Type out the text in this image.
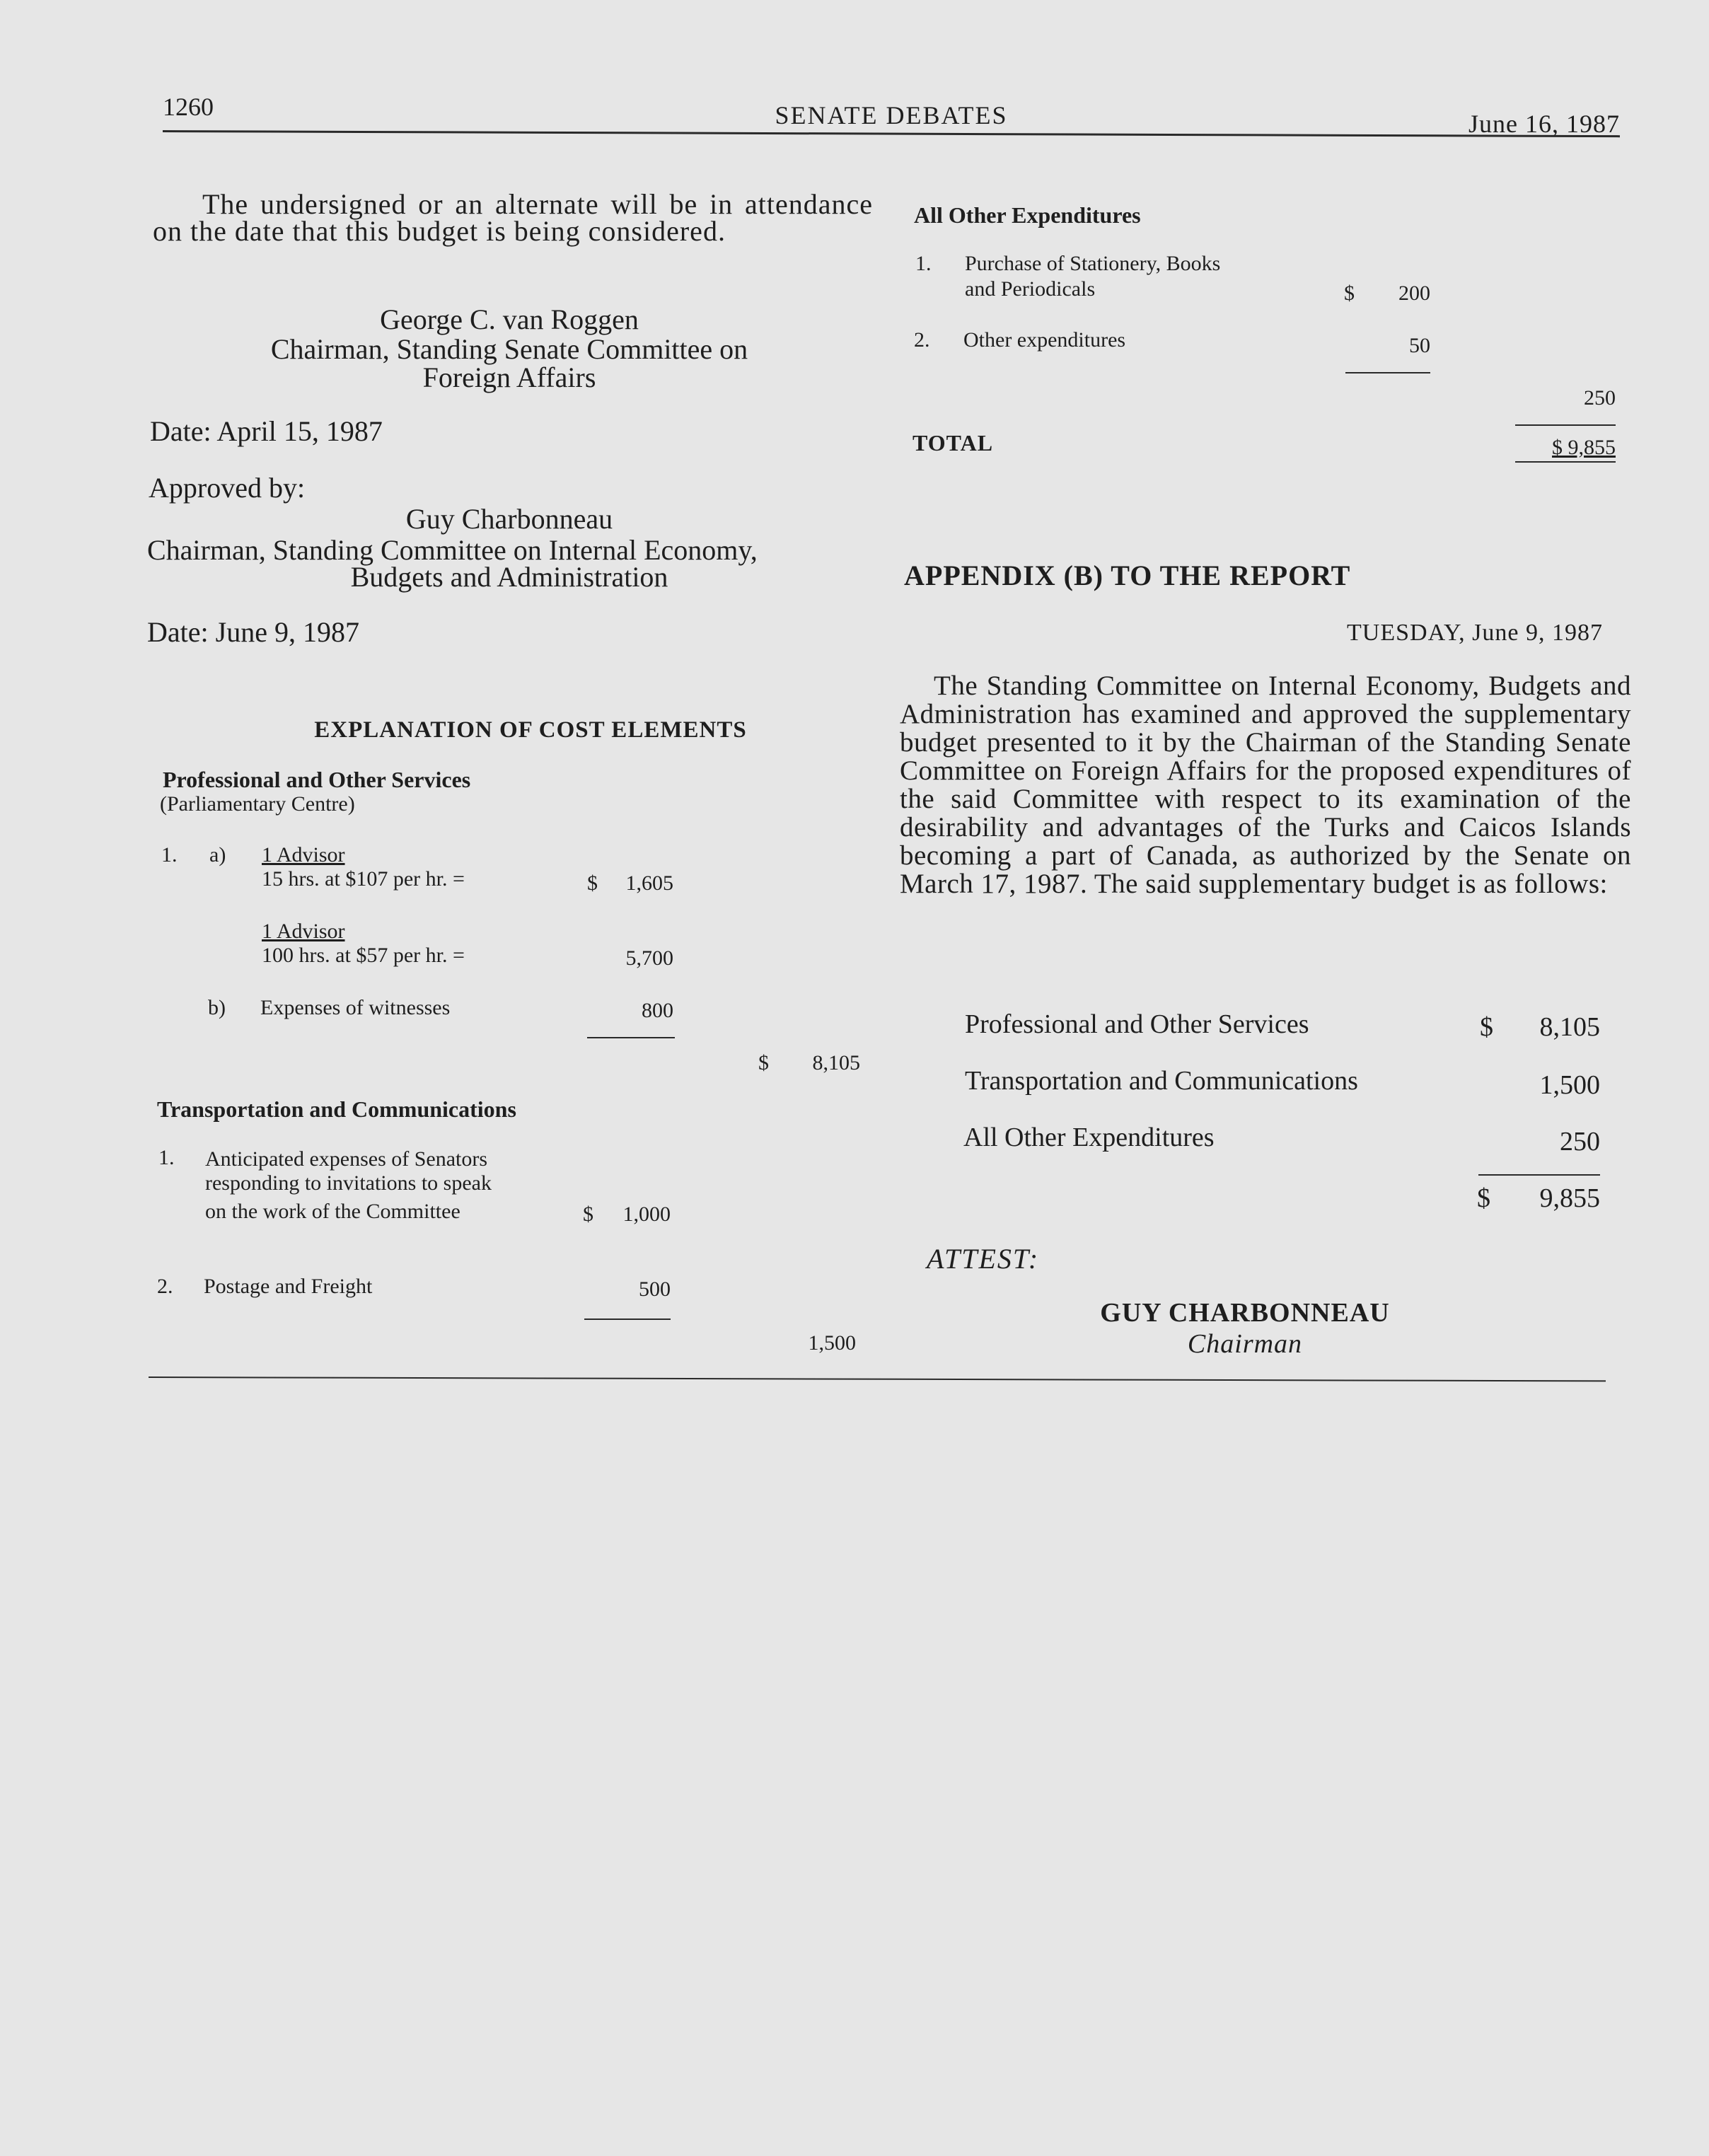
1260	SENATE DEBATES	June 16, 1987
The undersigned or an alternate will be in attendance on the date that this budget is being considered.
George C. van Roggen
Chairman, Standing Senate Committee on
Foreign Affairs
Date: April 15, 1987
Approved by:
Guy Charbonneau
Chairman, Standing Committee on Internal Economy,
Budgets and Administration
Date: June 9, 1987
EXPLANATION OF COST ELEMENTS
Professional and Other Services
(Parliamentary Centre)
1. a) 1 Advisor
15 hrs. at $107 per hr. =	$	1,605
1 Advisor
100 hrs. at $57 per hr. =	5,700
b) Expenses of witnesses	800
$	8,105
Transportation and Communications
1. Anticipated expenses of Senators
responding to invitations to speak
on the work of the Committee	$	1,000
2. Postage and Freight	500
1,500
All Other Expenditures
1. Purchase of Stationery, Books
and Periodicals	$	200
2. Other expenditures	50
250
TOTAL	$ 9,855
APPENDIX (B) TO THE REPORT
TUESDAY, June 9, 1987
The Standing Committee on Internal Economy, Budgets and Administration has examined and approved the supplementary budget presented to it by the Chairman of the Standing Senate Committee on Foreign Affairs for the proposed expenditures of the said Committee with respect to its examination of the desirability and advantages of the Turks and Caicos Islands becoming a part of Canada, as authorized by the Senate on March 17, 1987. The said supplementary budget is as follows:
Professional and Other Services	$	8,105
Transportation and Communications	1,500
All Other Expenditures	250
$	9,855
ATTEST:
GUY CHARBONNEAU
Chairman
